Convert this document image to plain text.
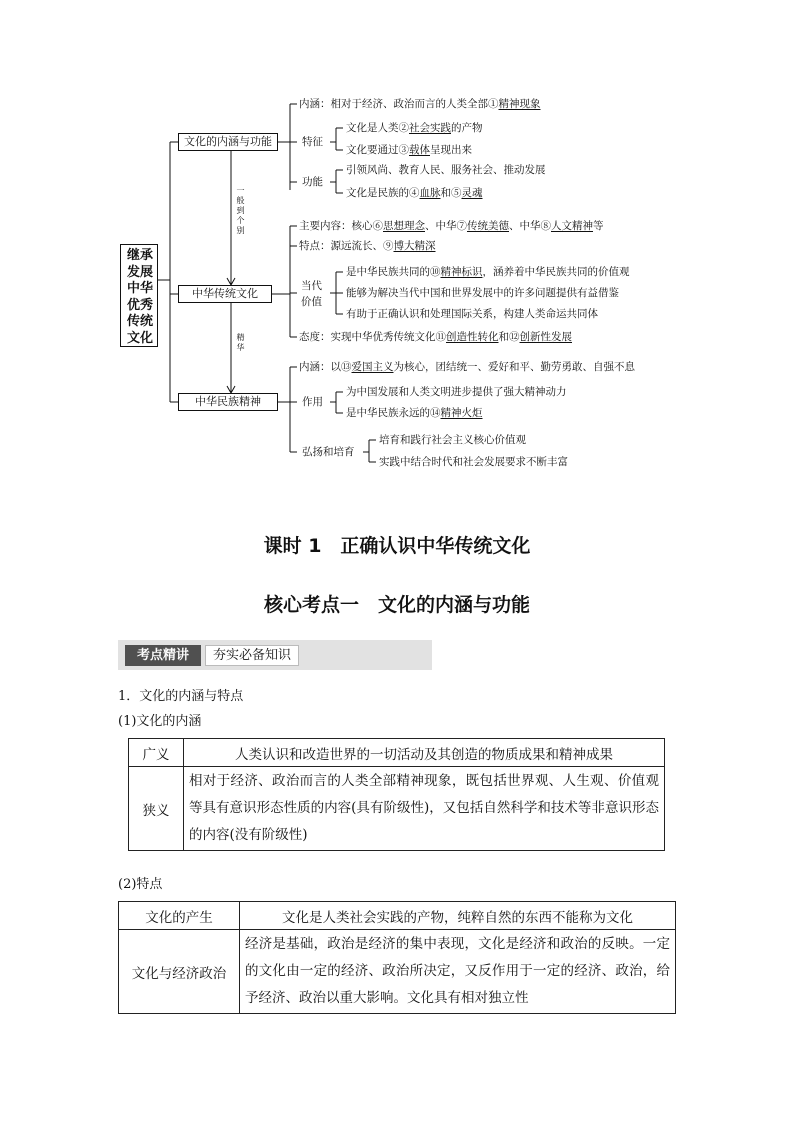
继承发展中华优秀传统文化
文化的内涵与功能
中华传统文化
中华民族精神
一般到个别
精华
内涵：相对于经济、政治而言的人类全部①精神现象
特征
文化是人类②社会实践的产物
文化要通过③载体呈现出来
功能
引领风尚、教育人民、服务社会、推动发展
文化是民族的④血脉和⑤灵魂
主要内容：核心⑥思想理念、中华⑦传统美德、中华⑧人文精神等
特点：源远流长、⑨博大精深
当代
价值
是中华民族共同的⑩精神标识，涵养着中华民族共同的价值观
能够为解决当代中国和世界发展中的许多问题提供有益借鉴
有助于正确认识和处理国际关系，构建人类命运共同体
态度：实现中华优秀传统文化⑪创造性转化和⑫创新性发展
内涵：以⑬爱国主义为核心，团结统一、爱好和平、勤劳勇敢、自强不息
作用
为中国发展和人类文明进步提供了强大精神动力
是中华民族永远的⑭精神火炬
弘扬和培育
培育和践行社会主义核心价值观
实践中结合时代和社会发展要求不断丰富
课时 1　正确认识中华传统文化
核心考点一　文化的内涵与功能
考点精讲	夯实必备知识
1．文化的内涵与特点
(1)文化的内涵
广义	人类认识和改造世界的一切活动及其创造的物质成果和精神成果
狭义	相对于经济、政治而言的人类全部精神现象，既包括世界观、人生观、价值观等具有意识形态性质的内容(具有阶级性)，又包括自然科学和技术等非意识形态的内容(没有阶级性)
(2)特点
文化的产生	文化是人类社会实践的产物，纯粹自然的东西不能称为文化
文化与经济政治	经济是基础，政治是经济的集中表现，文化是经济和政治的反映。一定的文化由一定的经济、政治所决定，又反作用于一定的经济、政治，给予经济、政治以重大影响。文化具有相对独立性
